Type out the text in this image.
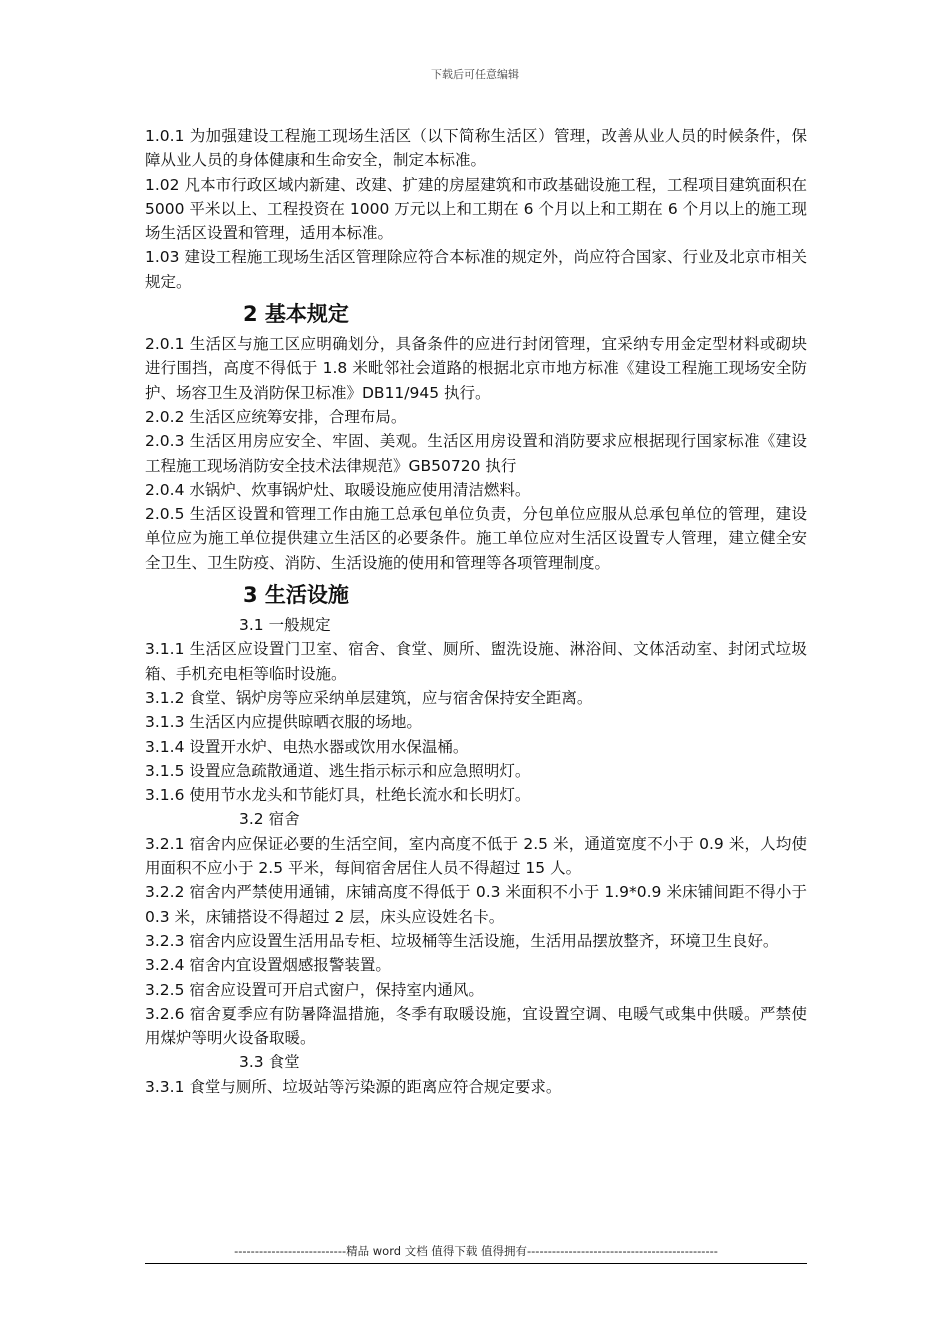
下载后可任意编辑

1.0.1 为加强建设工程施工现场生活区（以下简称生活区）管理，改善从业人员的时候条件，保障从业人员的身体健康和生命安全，制定本标准。

1.02 凡本市行政区域内新建、改建、扩建的房屋建筑和市政基础设施工程，工程项目建筑面积在 5000 平米以上、工程投资在 1000 万元以上和工期在 6 个月以上和工期在 6 个月以上的施工现场生活区设置和管理，适用本标准。

1.03 建设工程施工现场生活区管理除应符合本标准的规定外，尚应符合国家、行业及北京市相关规定。

2 基本规定

2.0.1 生活区与施工区应明确划分，具备条件的应进行封闭管理，宜采纳专用金定型材料或砌块进行围挡，高度不得低于 1.8 米毗邻社会道路的根据北京市地方标准《建设工程施工现场安全防护、场容卫生及消防保卫标准》DB11/945 执行。

2.0.2 生活区应统筹安排，合理布局。

2.0.3 生活区用房应安全、牢固、美观。生活区用房设置和消防要求应根据现行国家标准《建设工程施工现场消防安全技术法律规范》GB50720 执行

2.0.4 水锅炉、炊事锅炉灶、取暖设施应使用清洁燃料。

2.0.5 生活区设置和管理工作由施工总承包单位负责，分包单位应服从总承包单位的管理，建设单位应为施工单位提供建立生活区的必要条件。施工单位应对生活区设置专人管理，建立健全安全卫生、卫生防疫、消防、生活设施的使用和管理等各项管理制度。

3 生活设施
3.1 一般规定

3.1.1 生活区应设置门卫室、宿舍、食堂、厕所、盥洗设施、淋浴间、文体活动室、封闭式垃圾箱、手机充电柜等临时设施。

3.1.2 食堂、锅炉房等应采纳单层建筑，应与宿舍保持安全距离。

3.1.3 生活区内应提供晾晒衣服的场地。

3.1.4 设置开水炉、电热水器或饮用水保温桶。

3.1.5 设置应急疏散通道、逃生指示标示和应急照明灯。

3.1.6 使用节水龙头和节能灯具，杜绝长流水和长明灯。

3.2 宿舍

3.2.1 宿舍内应保证必要的生活空间，室内高度不低于 2.5 米，通道宽度不小于 0.9 米，人均使用面积不应小于 2.5 平米，每间宿舍居住人员不得超过 15 人。

3.2.2 宿舍内严禁使用通铺，床铺高度不得低于 0.3 米面积不小于 1.9*0.9 米床铺间距不得小于 0.3 米，床铺搭设不得超过 2 层，床头应设姓名卡。

3.2.3 宿舍内应设置生活用品专柜、垃圾桶等生活设施，生活用品摆放整齐，环境卫生良好。

3.2.4 宿舍内宜设置烟感报警装置。

3.2.5 宿舍应设置可开启式窗户，保持室内通风。

3.2.6 宿舍夏季应有防暑降温措施，冬季有取暖设施，宜设置空调、电暖气或集中供暖。严禁使用煤炉等明火设备取暖。

3.3 食堂

3.3.1 食堂与厕所、垃圾站等污染源的距离应符合规定要求。

---------------------------精品 word 文档 值得下载 值得拥有----------------------------------------------
